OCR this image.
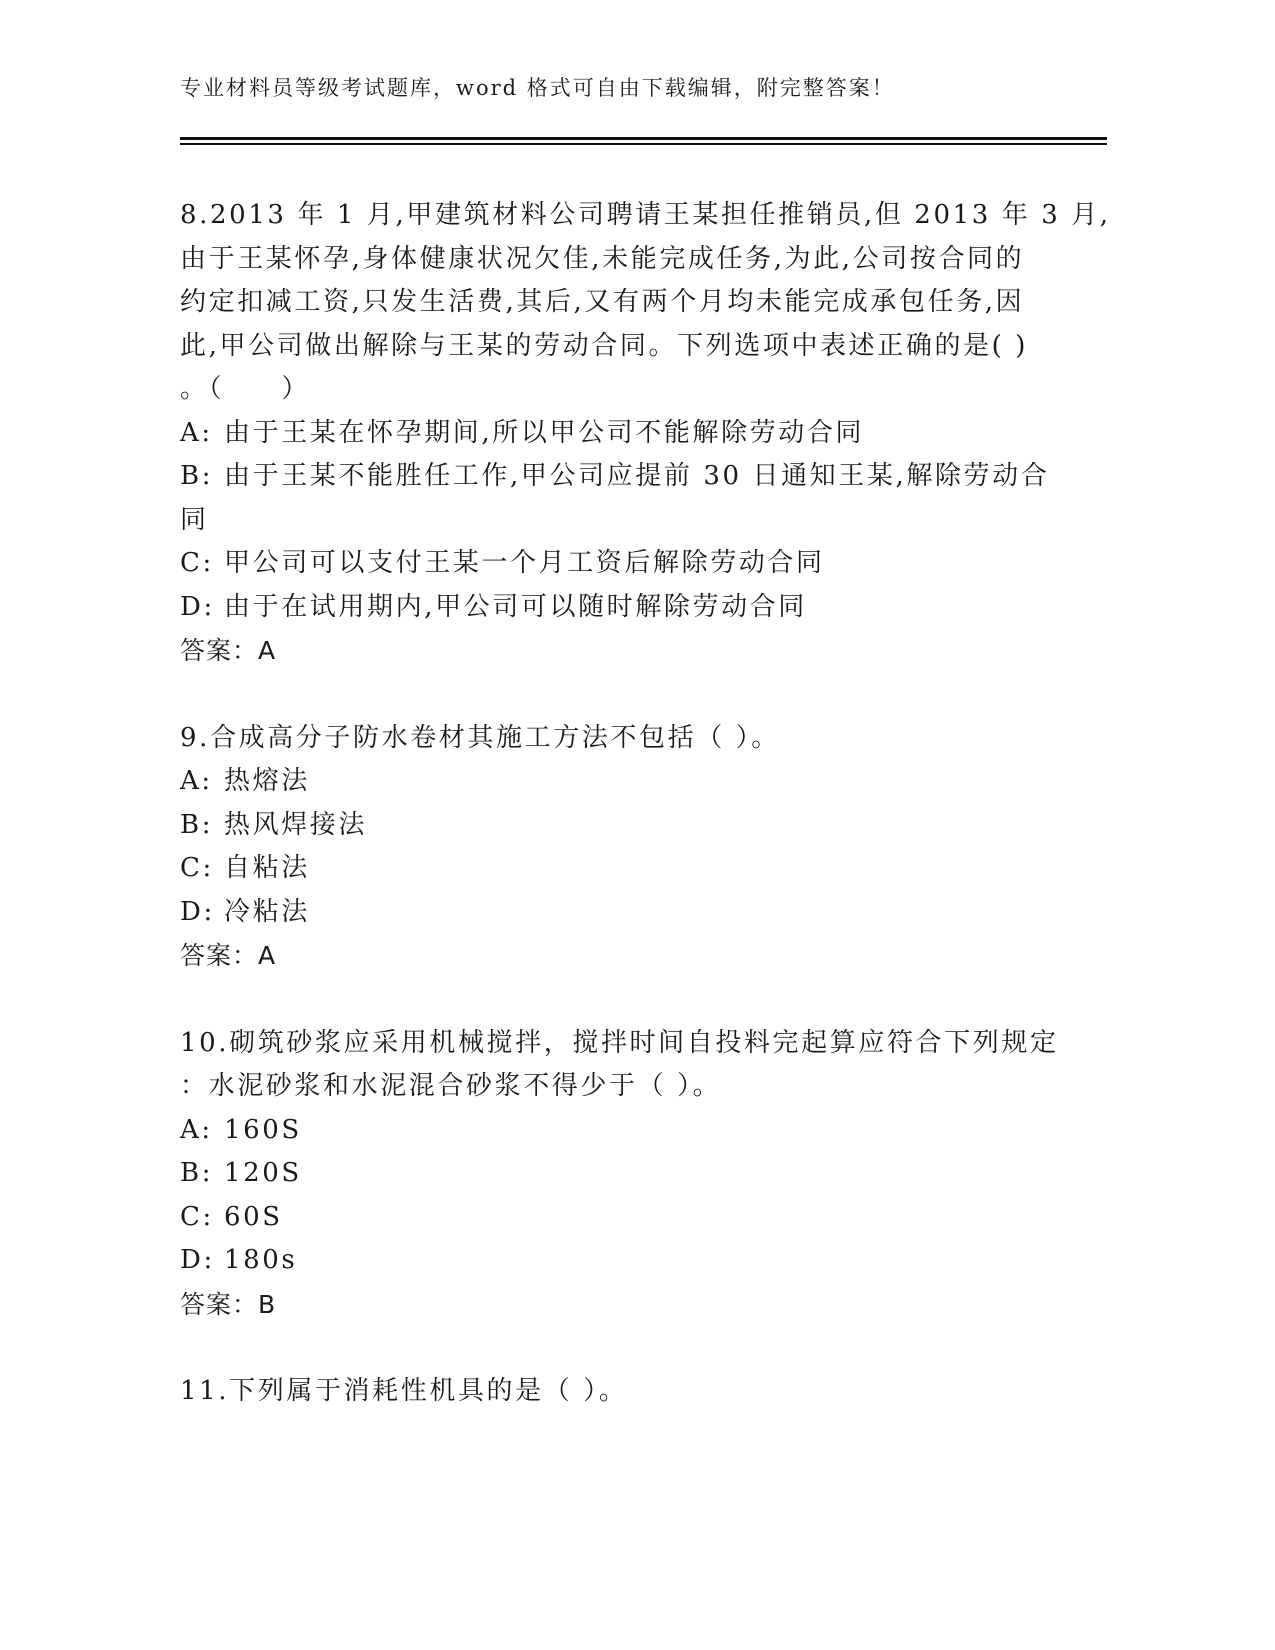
专业材料员等级考试题库，word 格式可自由下载编辑，附完整答案！
8.2013 年 1 月,甲建筑材料公司聘请王某担任推销员,但 2013 年 3 月,
由于王某怀孕,身体健康状况欠佳,未能完成任务,为此,公司按合同的
约定扣减工资,只发生活费,其后,又有两个月均未能完成承包任务,因
此,甲公司做出解除与王某的劳动合同。下列选项中表述正确的是( )
。（　　）
A: 由于王某在怀孕期间,所以甲公司不能解除劳动合同
B: 由于王某不能胜任工作,甲公司应提前 30 日通知王某,解除劳动合
同
C: 甲公司可以支付王某一个月工资后解除劳动合同
D: 由于在试用期内,甲公司可以随时解除劳动合同
答案：A
9.合成高分子防水卷材其施工方法不包括（ ）。
A: 热熔法
B: 热风焊接法
C: 自粘法
D: 冷粘法
答案：A
10.砌筑砂浆应采用机械搅拌，搅拌时间自投料完起算应符合下列规定
：水泥砂浆和水泥混合砂浆不得少于（ ）。
A: 160S
B: 120S
C: 60S
D: 180s
答案：B
11.下列属于消耗性机具的是（ ）。
